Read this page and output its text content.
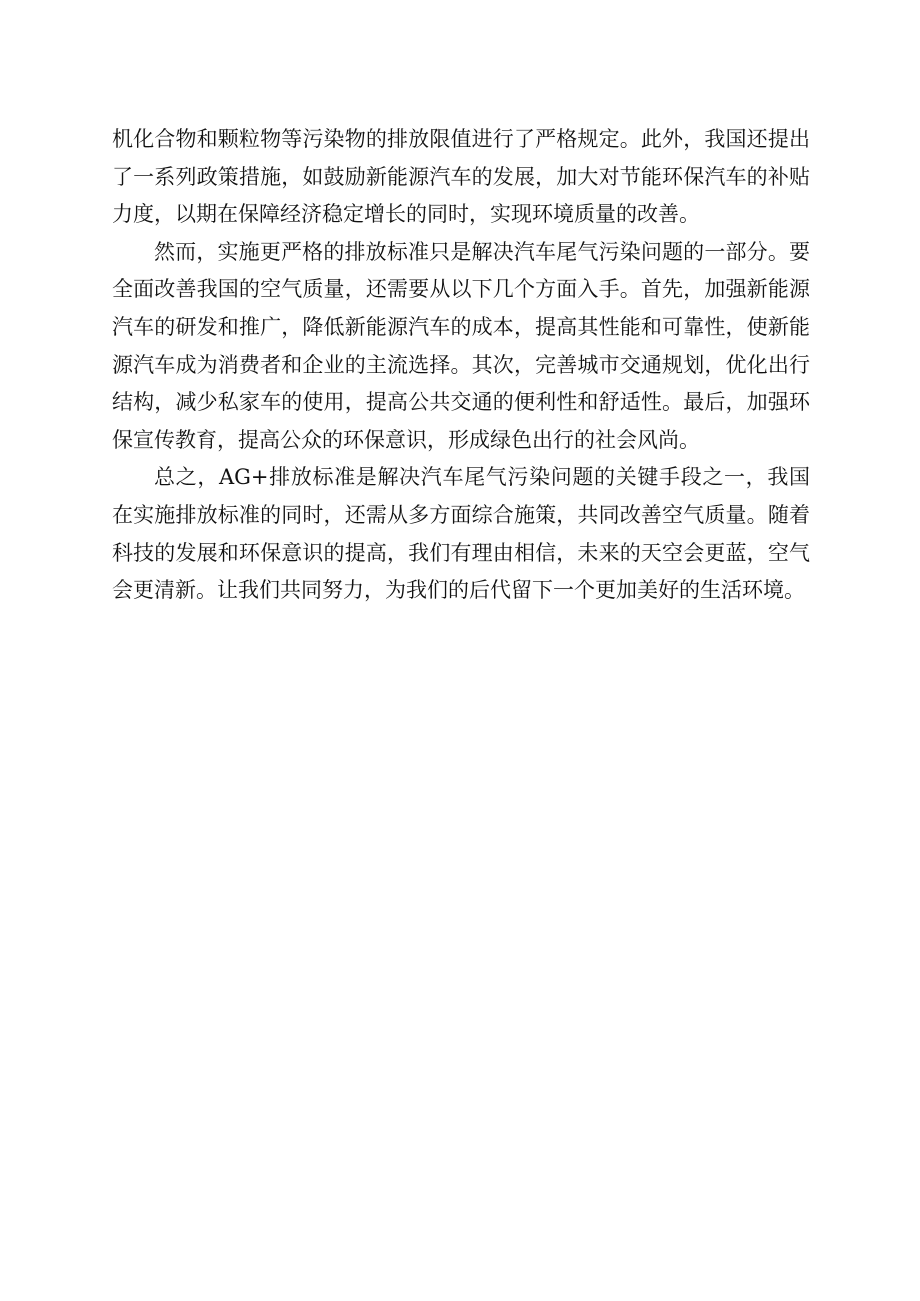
机化合物和颗粒物等污染物的排放限值进行了严格规定。此外，我国还提出了一系列政策措施，如鼓励新能源汽车的发展，加大对节能环保汽车的补贴力度，以期在保障经济稳定增长的同时，实现环境质量的改善。

然而，实施更严格的排放标准只是解决汽车尾气污染问题的一部分。要全面改善我国的空气质量，还需要从以下几个方面入手。首先，加强新能源汽车的研发和推广，降低新能源汽车的成本，提高其性能和可靠性，使新能源汽车成为消费者和企业的主流选择。其次，完善城市交通规划，优化出行结构，减少私家车的使用，提高公共交通的便利性和舒适性。最后，加强环保宣传教育，提高公众的环保意识，形成绿色出行的社会风尚。

总之，AG+排放标准是解决汽车尾气污染问题的关键手段之一，我国在实施排放标准的同时，还需从多方面综合施策，共同改善空气质量。随着科技的发展和环保意识的提高，我们有理由相信，未来的天空会更蓝，空气会更清新。让我们共同努力，为我们的后代留下一个更加美好的生活环境。
